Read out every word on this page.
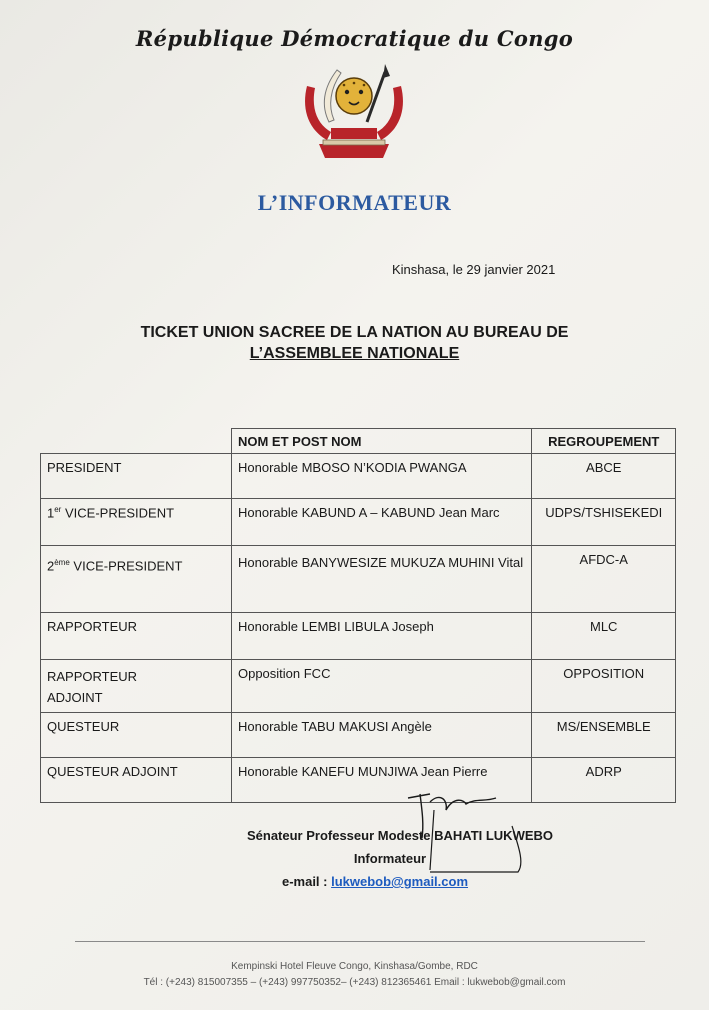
République Démocratique du Congo
L’INFORMATEUR
Kinshasa, le 29 janvier 2021
TICKET UNION SACREE DE LA NATION AU BUREAU DE
L’ASSEMBLEE NATIONALE
	NOM ET POST NOM	REGROUPEMENT
PRESIDENT	Honorable MBOSO N’KODIA PWANGA	ABCE
1er VICE-PRESIDENT	Honorable KABUND A – KABUND Jean Marc	UDPS/TSHISEKEDI
2ème VICE-PRESIDENT	Honorable BANYWESIZE MUKUZA MUHINI Vital	AFDC-A
RAPPORTEUR	Honorable LEMBI LIBULA Joseph	MLC
RAPPORTEUR ADJOINT	Opposition FCC	OPPOSITION
QUESTEUR	Honorable TABU MAKUSI Angèle	MS/ENSEMBLE
QUESTEUR ADJOINT	Honorable KANEFU MUNJIWA Jean Pierre	ADRP
Sénateur Professeur Modeste BAHATI LUKWEBO
Informateur
e-mail : lukwebob@gmail.com
Kempinski Hotel Fleuve Congo, Kinshasa/Gombe, RDC
Tél : (+243) 815007355 – (+243) 997750352– (+243) 812365461 Email : lukwebob@gmail.com
